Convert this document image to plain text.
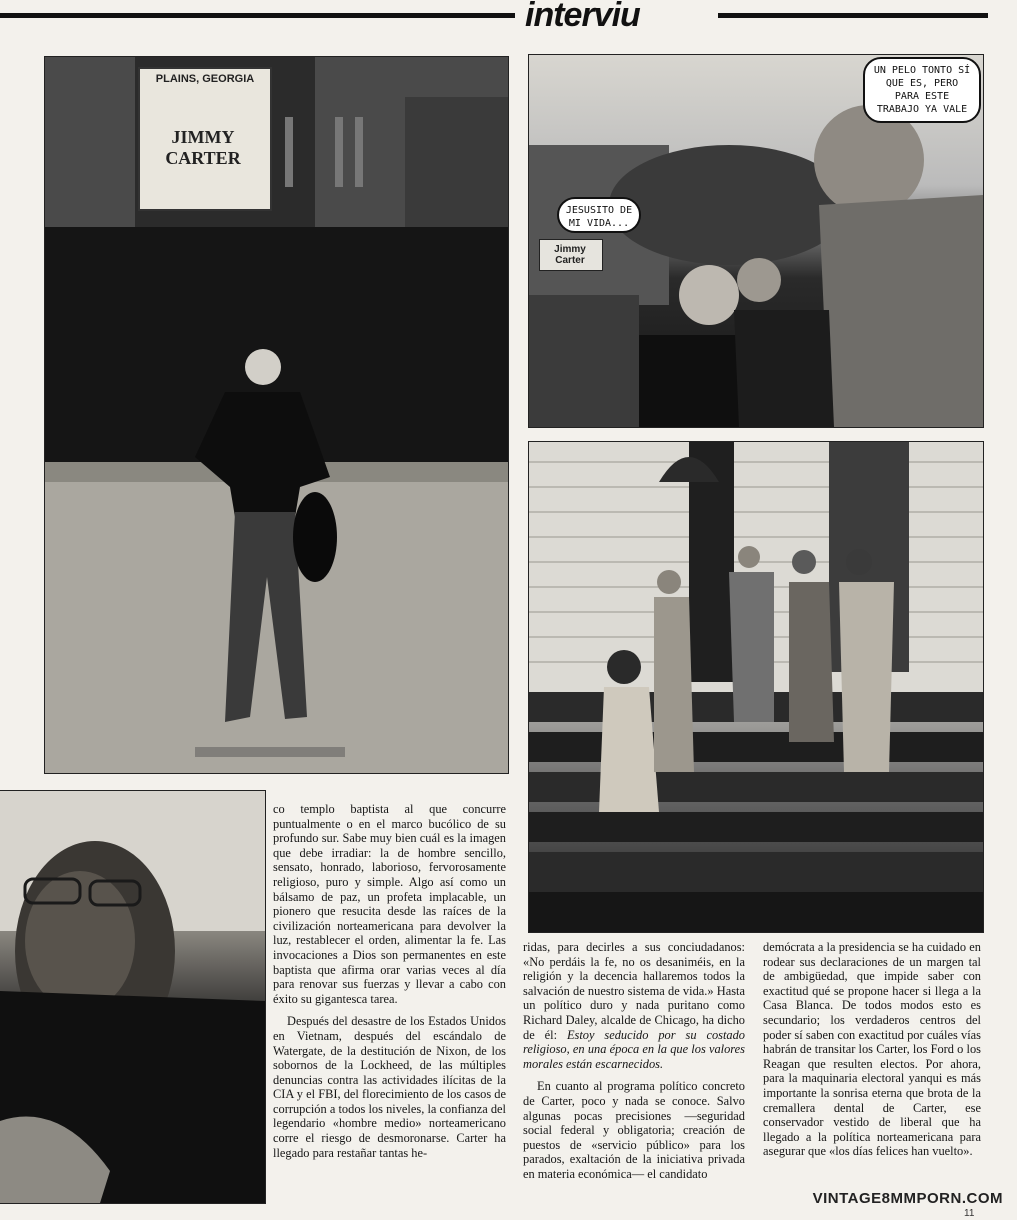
interviu
PLAINS, GEORGIA
JIMMY CARTER
Jimmy Carter
UN PELO TONTO SÍ QUE ES, PERO PARA ESTE TRABAJO YA VALE
JESUSITO DE MI VIDA...

co templo baptista al que concurre puntualmente o en el marco bucólico de su profundo sur. Sabe muy bien cuál es la imagen que debe irradiar: la de hombre sencillo, sensato, honrado, laborioso, fervorosamente religioso, puro y simple. Algo así como un bálsamo de paz, un profeta implacable, un pionero que resucita desde las raíces de la civilización norteamericana para devolver la luz, restablecer el orden, alimentar la fe. Las invocaciones a Dios son permanentes en este baptista que afirma orar varias veces al día para renovar sus fuerzas y llevar a cabo con éxito su gigantesca tarea.

Después del desastre de los Estados Unidos en Vietnam, después del escándalo de Watergate, de la destitución de Nixon, de los sobornos de la Lockheed, de las múltiples denuncias contra las actividades ilícitas de la CIA y el FBI, del florecimiento de los casos de corrupción a todos los niveles, la confianza del legendario «hombre medio» norteamericano corre el riesgo de desmoronarse. Carter ha llegado para restañar tantas he-

ridas, para decirles a sus conciudadanos: «No perdáis la fe, no os desaniméis, en la religión y la decencia hallaremos todos la salvación de nuestro sistema de vida.» Hasta un político duro y nada puritano como Richard Daley, alcalde de Chicago, ha dicho de él: Estoy seducido por su costado religioso, en una época en la que los valores morales están escarnecidos.

En cuanto al programa político concreto de Carter, poco y nada se conoce. Salvo algunas pocas precisiones —seguridad social federal y obligatoria; creación de puestos de «servicio público» para los parados, exaltación de la iniciativa privada en materia económica— el candidato

demócrata a la presidencia se ha cuidado en rodear sus declaraciones de un margen tal de ambigüedad, que impide saber con exactitud qué se propone hacer si llega a la Casa Blanca. De todos modos esto es secundario; los verdaderos centros del poder sí saben con exactitud por cuáles vías habrán de transitar los Carter, los Ford o los Reagan que resulten electos. Por ahora, para la maquinaria electoral yanqui es más importante la sonrisa eterna que brota de la cremallera dental de Carter, ese conservador vestido de liberal que ha llegado a la política norteamericana para asegurar que «los días felices han vuelto».

VINTAGE8MMPORN.COM
11
